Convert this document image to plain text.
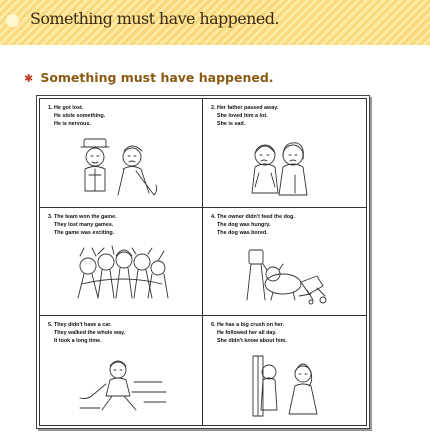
Something must have happened.
✱ Something must have happened.
1. He got lost.
He stole something.
He is nervous.
2. Her father passed away.
She loved him a lot.
She is sad.
3. The team won the game.
They lost many games.
The game was exciting.
4. The owner didn't feed the dog.
The dog was hungry.
The dog was bored.
5. They didn't have a car.
They walked the whole way.
It took a long time.
6. He has a big crush on her.
He followed her all day.
She didn't know about him.
